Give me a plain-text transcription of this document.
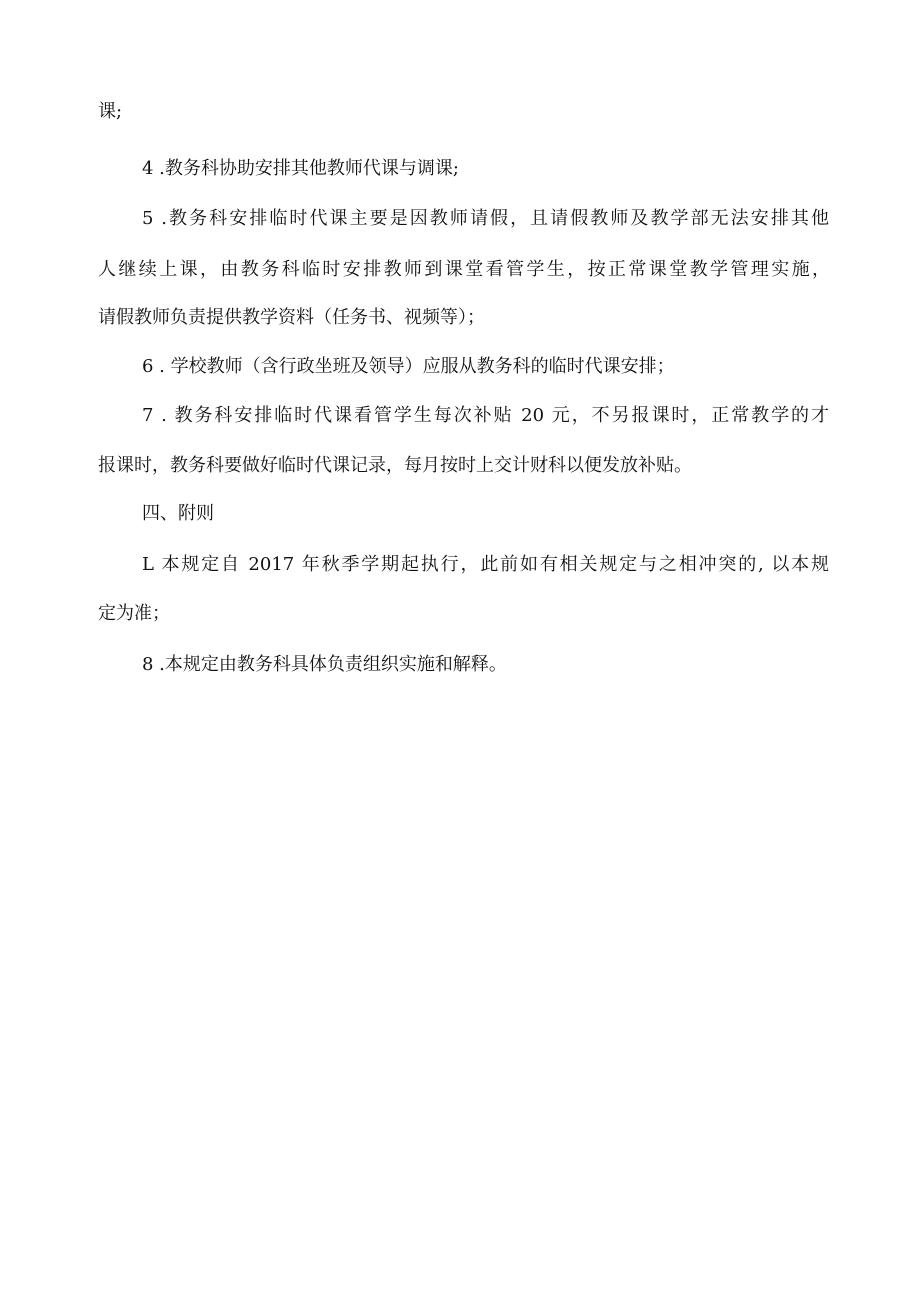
课;
4 .教务科协助安排其他教师代课与调课;
5 .教务科安排临时代课主要是因教师请假，且请假教师及教学部无法安排其他
人继续上课，由教务科临时安排教师到课堂看管学生，按正常课堂教学管理实施，
请假教师负责提供教学资料（任务书、视频等）；
6 . 学校教师（含行政坐班及领导）应服从教务科的临时代课安排；
7 . 教务科安排临时代课看管学生每次补贴 20 元，不另报课时，正常教学的才
报课时，教务科要做好临时代课记录，每月按时上交计财科以便发放补贴。
四、附则
L 本规定自 2017 年秋季学期起执行，此前如有相关规定与之相冲突的, 以本规
定为准；
8 .本规定由教务科具体负责组织实施和解释。
